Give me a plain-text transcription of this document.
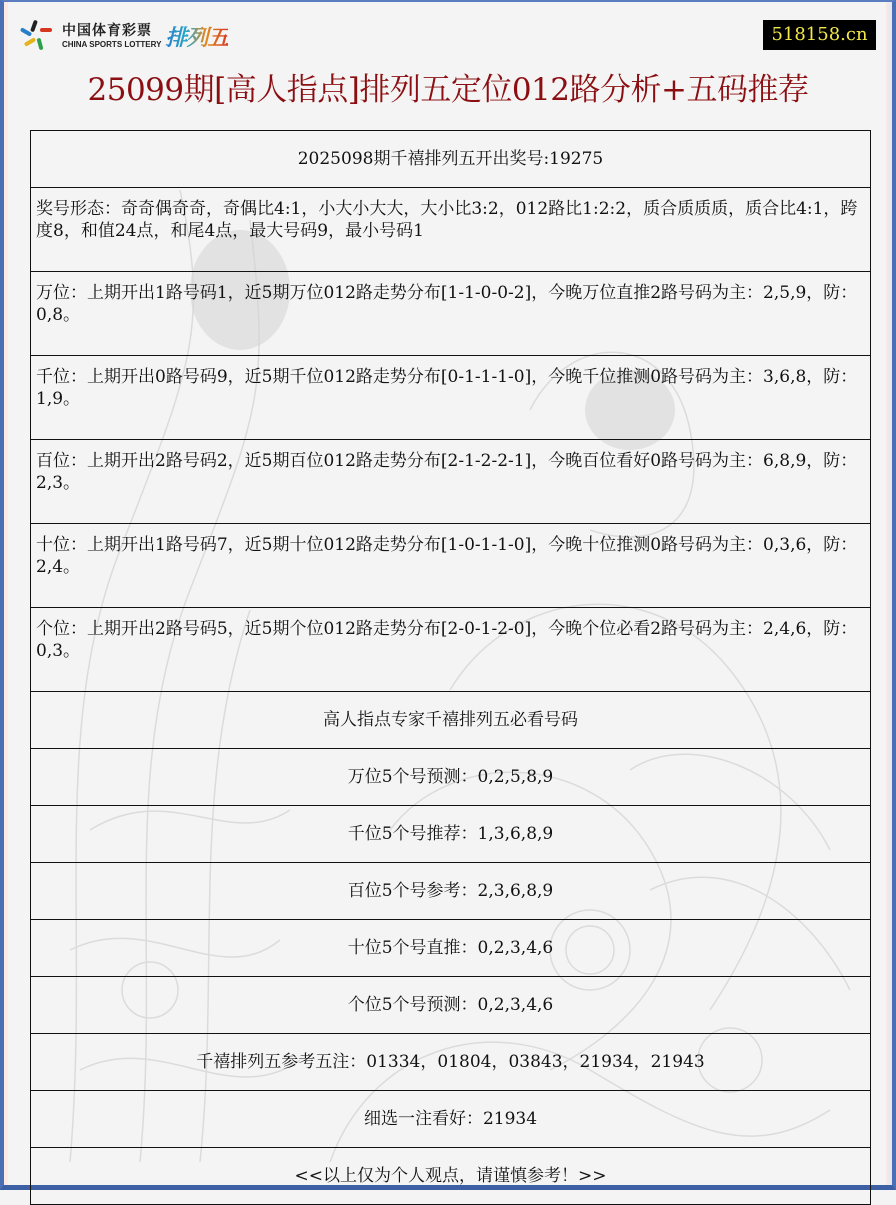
中国体育彩票
CHINA SPORTS LOTTERY 排列五	518158.cn
25099期[高人指点]排列五定位012路分析+五码推荐
2025098期千禧排列五开出奖号:19275
奖号形态：奇奇偶奇奇，奇偶比4:1，小大小大大，大小比3:2，012路比1:2:2，质合质质质，质合比4:1，跨度8，和值24点，和尾4点，最大号码9，最小号码1
万位：上期开出1路号码1，近5期万位012路走势分布[1-1-0-0-2]，今晚万位直推2路号码为主：2,5,9，防：0,8。
千位：上期开出0路号码9，近5期千位012路走势分布[0-1-1-1-0]，今晚千位推测0路号码为主：3,6,8，防：1,9。
百位：上期开出2路号码2，近5期百位012路走势分布[2-1-2-2-1]，今晚百位看好0路号码为主：6,8,9，防：2,3。
十位：上期开出1路号码7，近5期十位012路走势分布[1-0-1-1-0]，今晚十位推测0路号码为主：0,3,6，防：2,4。
个位：上期开出2路号码5，近5期个位012路走势分布[2-0-1-2-0]，今晚个位必看2路号码为主：2,4,6，防：0,3。
高人指点专家千禧排列五必看号码
万位5个号预测：0,2,5,8,9
千位5个号推荐：1,3,6,8,9
百位5个号参考：2,3,6,8,9
十位5个号直推：0,2,3,4,6
个位5个号预测：0,2,3,4,6
千禧排列五参考五注：01334，01804，03843，21934，21943
细选一注看好：21934
<<以上仅为个人观点，请谨慎参考！>>
